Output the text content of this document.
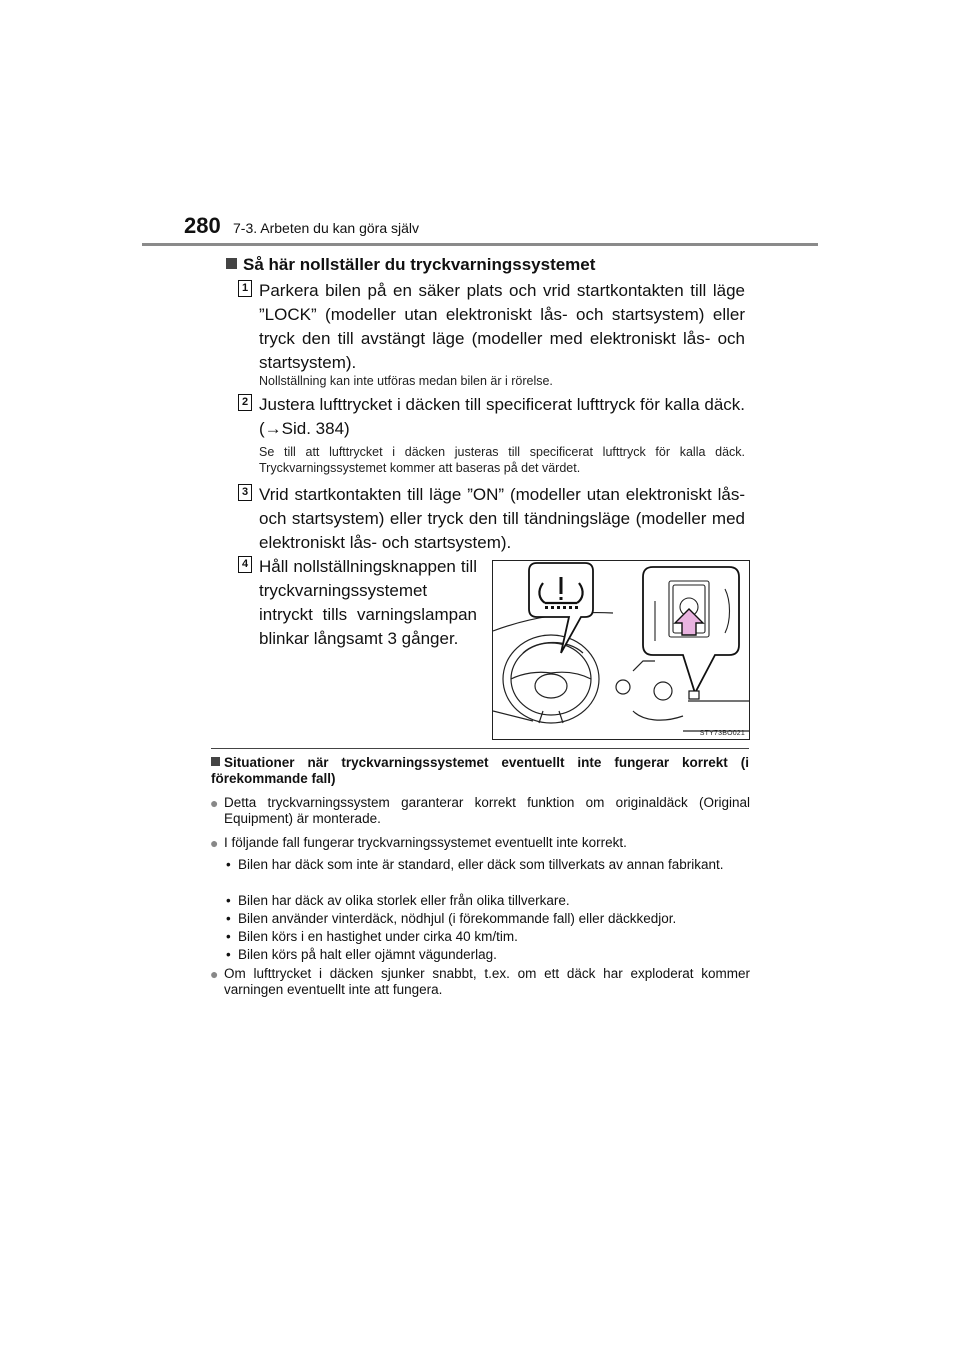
280 7-3. Arbeten du kan göra själv
Så här nollställer du tryckvarningssystemet
1 Parkera bilen på en säker plats och vrid startkontakten till läge ”LOCK” (modeller utan elektroniskt lås- och startsystem) eller tryck den till avstängt läge (modeller med elektroniskt lås- och startsystem).
Nollställning kan inte utföras medan bilen är i rörelse.
2 Justera lufttrycket i däcken till specificerat lufttryck för kalla däck. (→Sid. 384)
Se till att lufttrycket i däcken justeras till specificerat lufttryck för kalla däck. Tryckvarningssystemet kommer att baseras på det värdet.
3 Vrid startkontakten till läge ”ON” (modeller utan elektroniskt lås- och startsystem) eller tryck den till tändningsläge (modeller med elektroniskt lås- och startsystem).
4 Håll nollställningsknappen till tryckvarningssystemet intryckt tills varningslampan blinkar långsamt 3 gånger.
STY73BO021
Situationer när tryckvarningssystemet eventuellt inte fungerar korrekt (i förekommande fall)
● Detta tryckvarningssystem garanterar korrekt funktion om originaldäck (Original Equipment) är monterade.
● I följande fall fungerar tryckvarningssystemet eventuellt inte korrekt.
• Bilen har däck som inte är standard, eller däck som tillverkats av annan fabrikant.
• Bilen har däck av olika storlek eller från olika tillverkare.
• Bilen använder vinterdäck, nödhjul (i förekommande fall) eller däckkedjor.
• Bilen körs i en hastighet under cirka 40 km/tim.
• Bilen körs på halt eller ojämnt vägunderlag.
● Om lufttrycket i däcken sjunker snabbt, t.ex. om ett däck har exploderat kommer varningen eventuellt inte att fungera.
